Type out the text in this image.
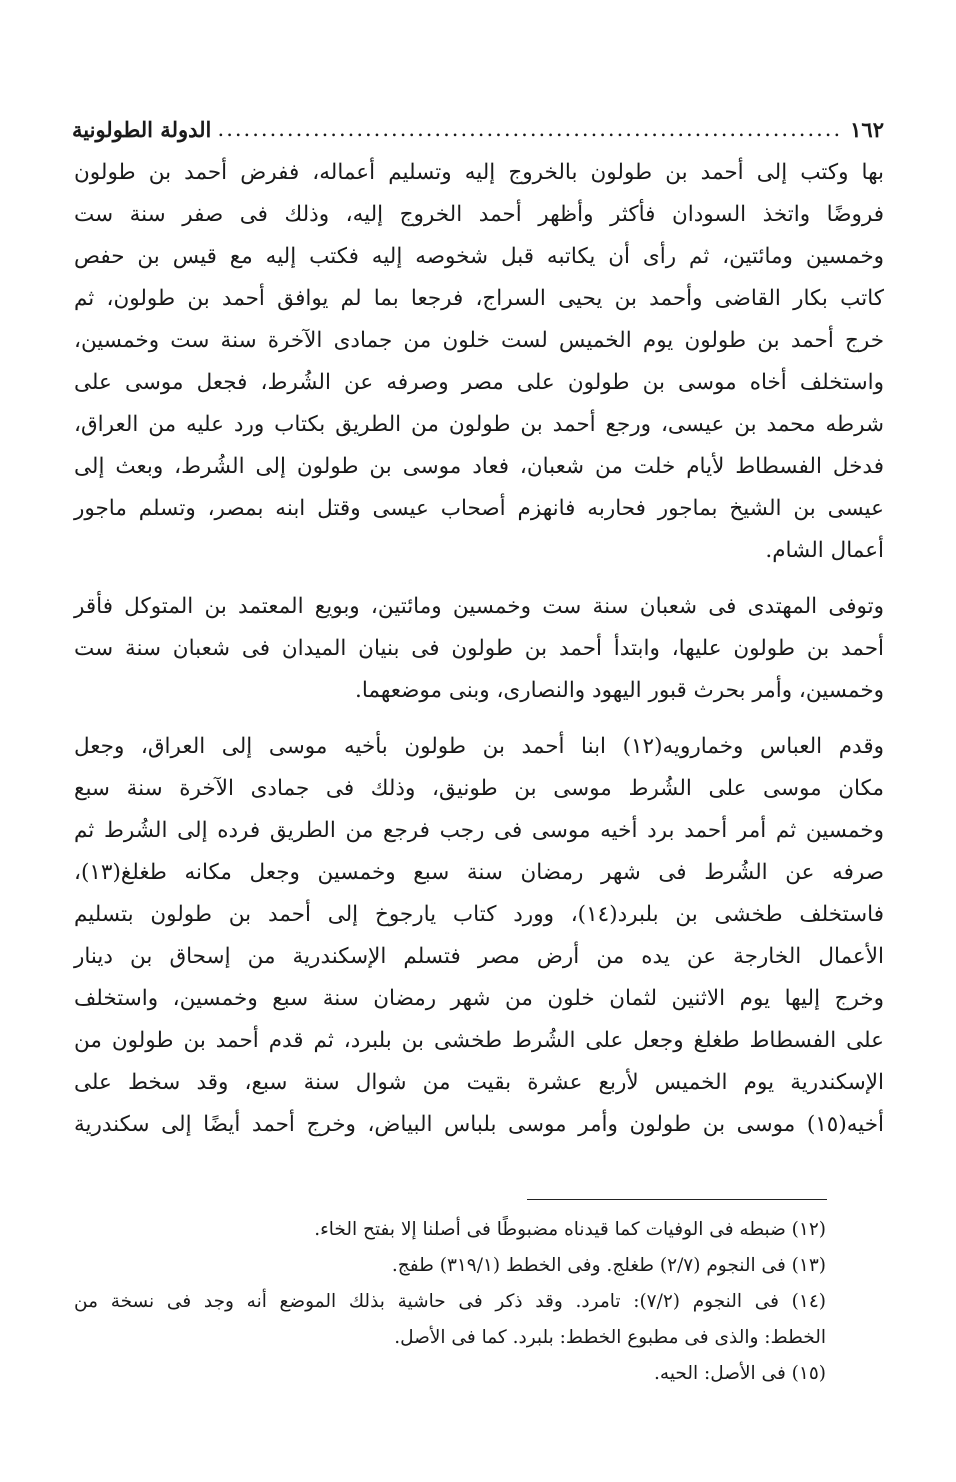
١٦٢
.....
الدولة الطولونية

بها وكتب إلى أحمد بن طولون بالخروج إليه وتسليم أعماله، ففرض أحمد بن طولون
فروضًا واتخذ السودان فأكثر وأظهر أحمد الخروج إليه، وذلك فى صفر سنة ست
وخمسين ومائتين، ثم رأى أن يكاتبه قبل شخوصه إليه فكتب إليه مع قيس بن حفص
كاتب بكار القاضى وأحمد بن يحيى السراج، فرجعا بما لم يوافق أحمد بن طولون، ثم
خرج أحمد بن طولون يوم الخميس لست خلون من جمادى الآخرة سنة ست وخمسين،
واستخلف أخاه موسى بن طولون على مصر وصرفه عن الشُرط، فجعل موسى على
شرطه محمد بن عيسى، ورجع أحمد بن طولون من الطريق بكتاب ورد عليه من العراق،
فدخل الفسطاط لأيام خلت من شعبان، فعاد موسى بن طولون إلى الشُرط، وبعث إلى
عيسى بن الشيخ بماجور فحاربه فانهزم أصحاب عيسى وقتل ابنه بمصر، وتسلم ماجور
أعمال الشام.

وتوفى المهتدى فى شعبان سنة ست وخمسين ومائتين، وبويع المعتمد بن المتوكل فأقر
أحمد بن طولون عليها، وابتدأ أحمد بن طولون فى بنيان الميدان فى شعبان سنة ست
وخمسين، وأمر بحرث قبور اليهود والنصارى، وبنى موضعهما.

وقدم العباس وخمارويه(١٢) ابنا أحمد بن طولون بأخيه موسى إلى العراق، وجعل
مكان موسى على الشُرط موسى بن طونيق، وذلك فى جمادى الآخرة سنة سبع
وخمسين ثم أمر أحمد برد أخيه موسى فى رجب فرجع من الطريق فرده إلى الشُرط ثم
صرفه عن الشُرط فى شهر رمضان سنة سبع وخمسين وجعل مكانه طغلغ(١٣)،
فاستخلف طخشى بن بلبرد(١٤)، وورد كتاب يارجوخ إلى أحمد بن طولون بتسليم
الأعمال الخارجة عن يده من أرض مصر فتسلم الإسكندرية من إسحاق بن دينار
وخرج إليها يوم الاثنين لثمان خلون من شهر رمضان سنة سبع وخمسين، واستخلف
على الفسطاط طغلغ وجعل على الشُرط طخشى بن بلبرد، ثم قدم أحمد بن طولون من
الإسكندرية يوم الخميس لأربع عشرة بقيت من شوال سنة سبع، وقد سخط على
أخيه(١٥) موسى بن طولون وأمر موسى بلباس البياض، وخرج أحمد أيضًا إلى سكندرية

(١٢) ضبطه فى الوفيات كما قيدناه مضبوطًا فى أصلنا إلا بفتح الخاء.
(١٣) فى النجوم (٢/٧) طغلج. وفى الخطط (٣١٩/١) طفج.
(١٤) فى النجوم (٧/٢): تامرد. وقد ذكر فى حاشية بذلك الموضع أنه وجد فى نسخة من
الخطط: والذى فى مطبوع الخطط: بلبرد. كما فى الأصل.
(١٥) فى الأصل: الحيه.
